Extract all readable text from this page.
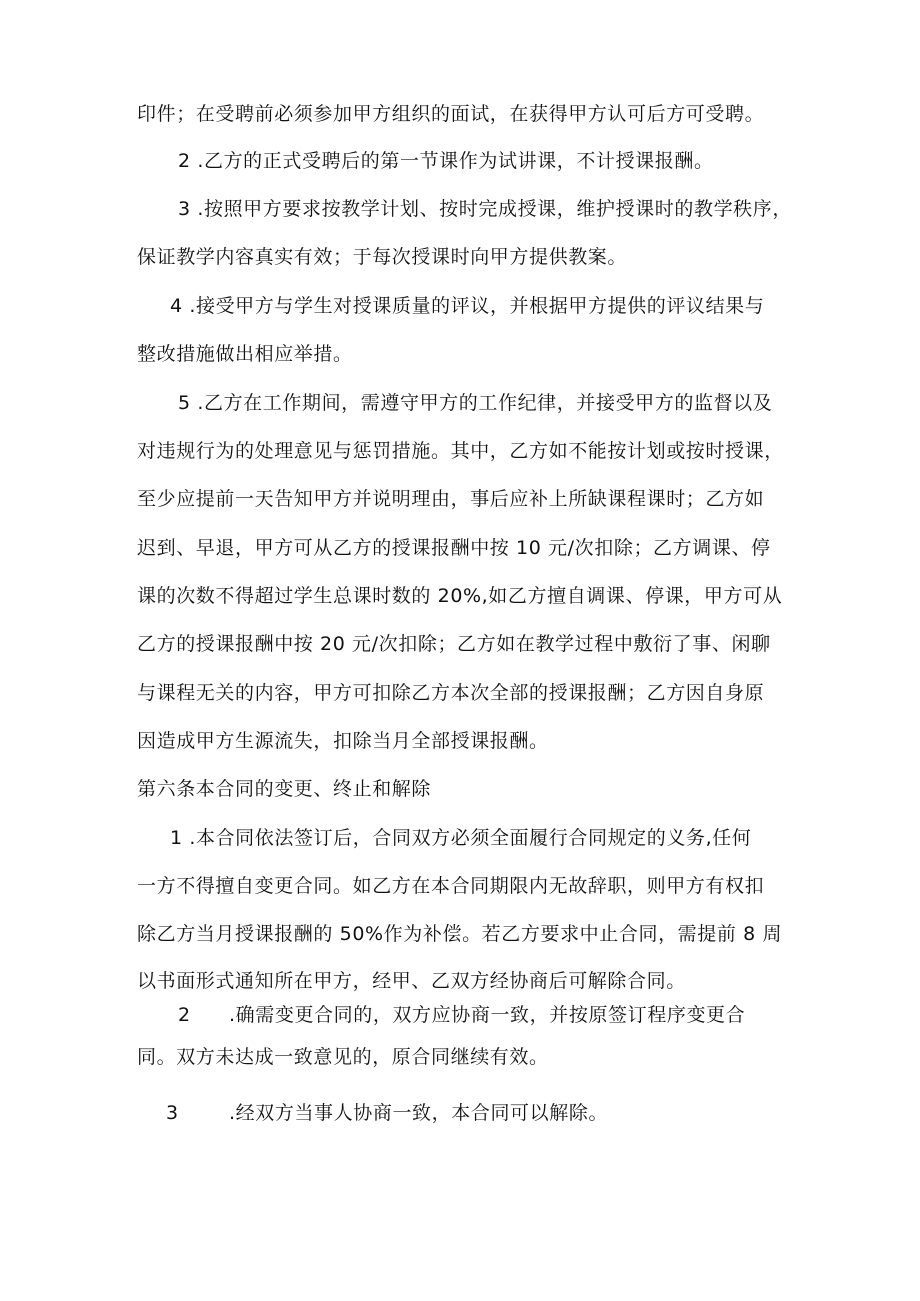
印件；在受聘前必须参加甲方组织的面试，在获得甲方认可后方可受聘。
2 .乙方的正式受聘后的第一节课作为试讲课，不计授课报酬。
3 .按照甲方要求按教学计划、按时完成授课，维护授课时的教学秩序，
保证教学内容真实有效；于每次授课时向甲方提供教案。
4 .接受甲方与学生对授课质量的评议，并根据甲方提供的评议结果与
整改措施做出相应举措。
5 .乙方在工作期间，需遵守甲方的工作纪律，并接受甲方的监督以及
对违规行为的处理意见与惩罚措施。其中，乙方如不能按计划或按时授课，
至少应提前一天告知甲方并说明理由，事后应补上所缺课程课时；乙方如
迟到、早退，甲方可从乙方的授课报酬中按 10 元/次扣除；乙方调课、停
课的次数不得超过学生总课时数的 20%,如乙方擅自调课、停课，甲方可从
乙方的授课报酬中按 20 元/次扣除；乙方如在教学过程中敷衍了事、闲聊
与课程无关的内容，甲方可扣除乙方本次全部的授课报酬；乙方因自身原
因造成甲方生源流失，扣除当月全部授课报酬。
第六条本合同的变更、终止和解除
1 .本合同依法签订后，合同双方必须全面履行合同规定的义务,任何
一方不得擅自变更合同。如乙方在本合同期限内无故辞职，则甲方有权扣
除乙方当月授课报酬的 50%作为补偿。若乙方要求中止合同，需提前 8 周
以书面形式通知所在甲方，经甲、乙双方经协商后可解除合同。
2 .确需变更合同的，双方应协商一致，并按原签订程序变更合
同。双方未达成一致意见的，原合同继续有效。
3	.经双方当事人协商一致，本合同可以解除。
